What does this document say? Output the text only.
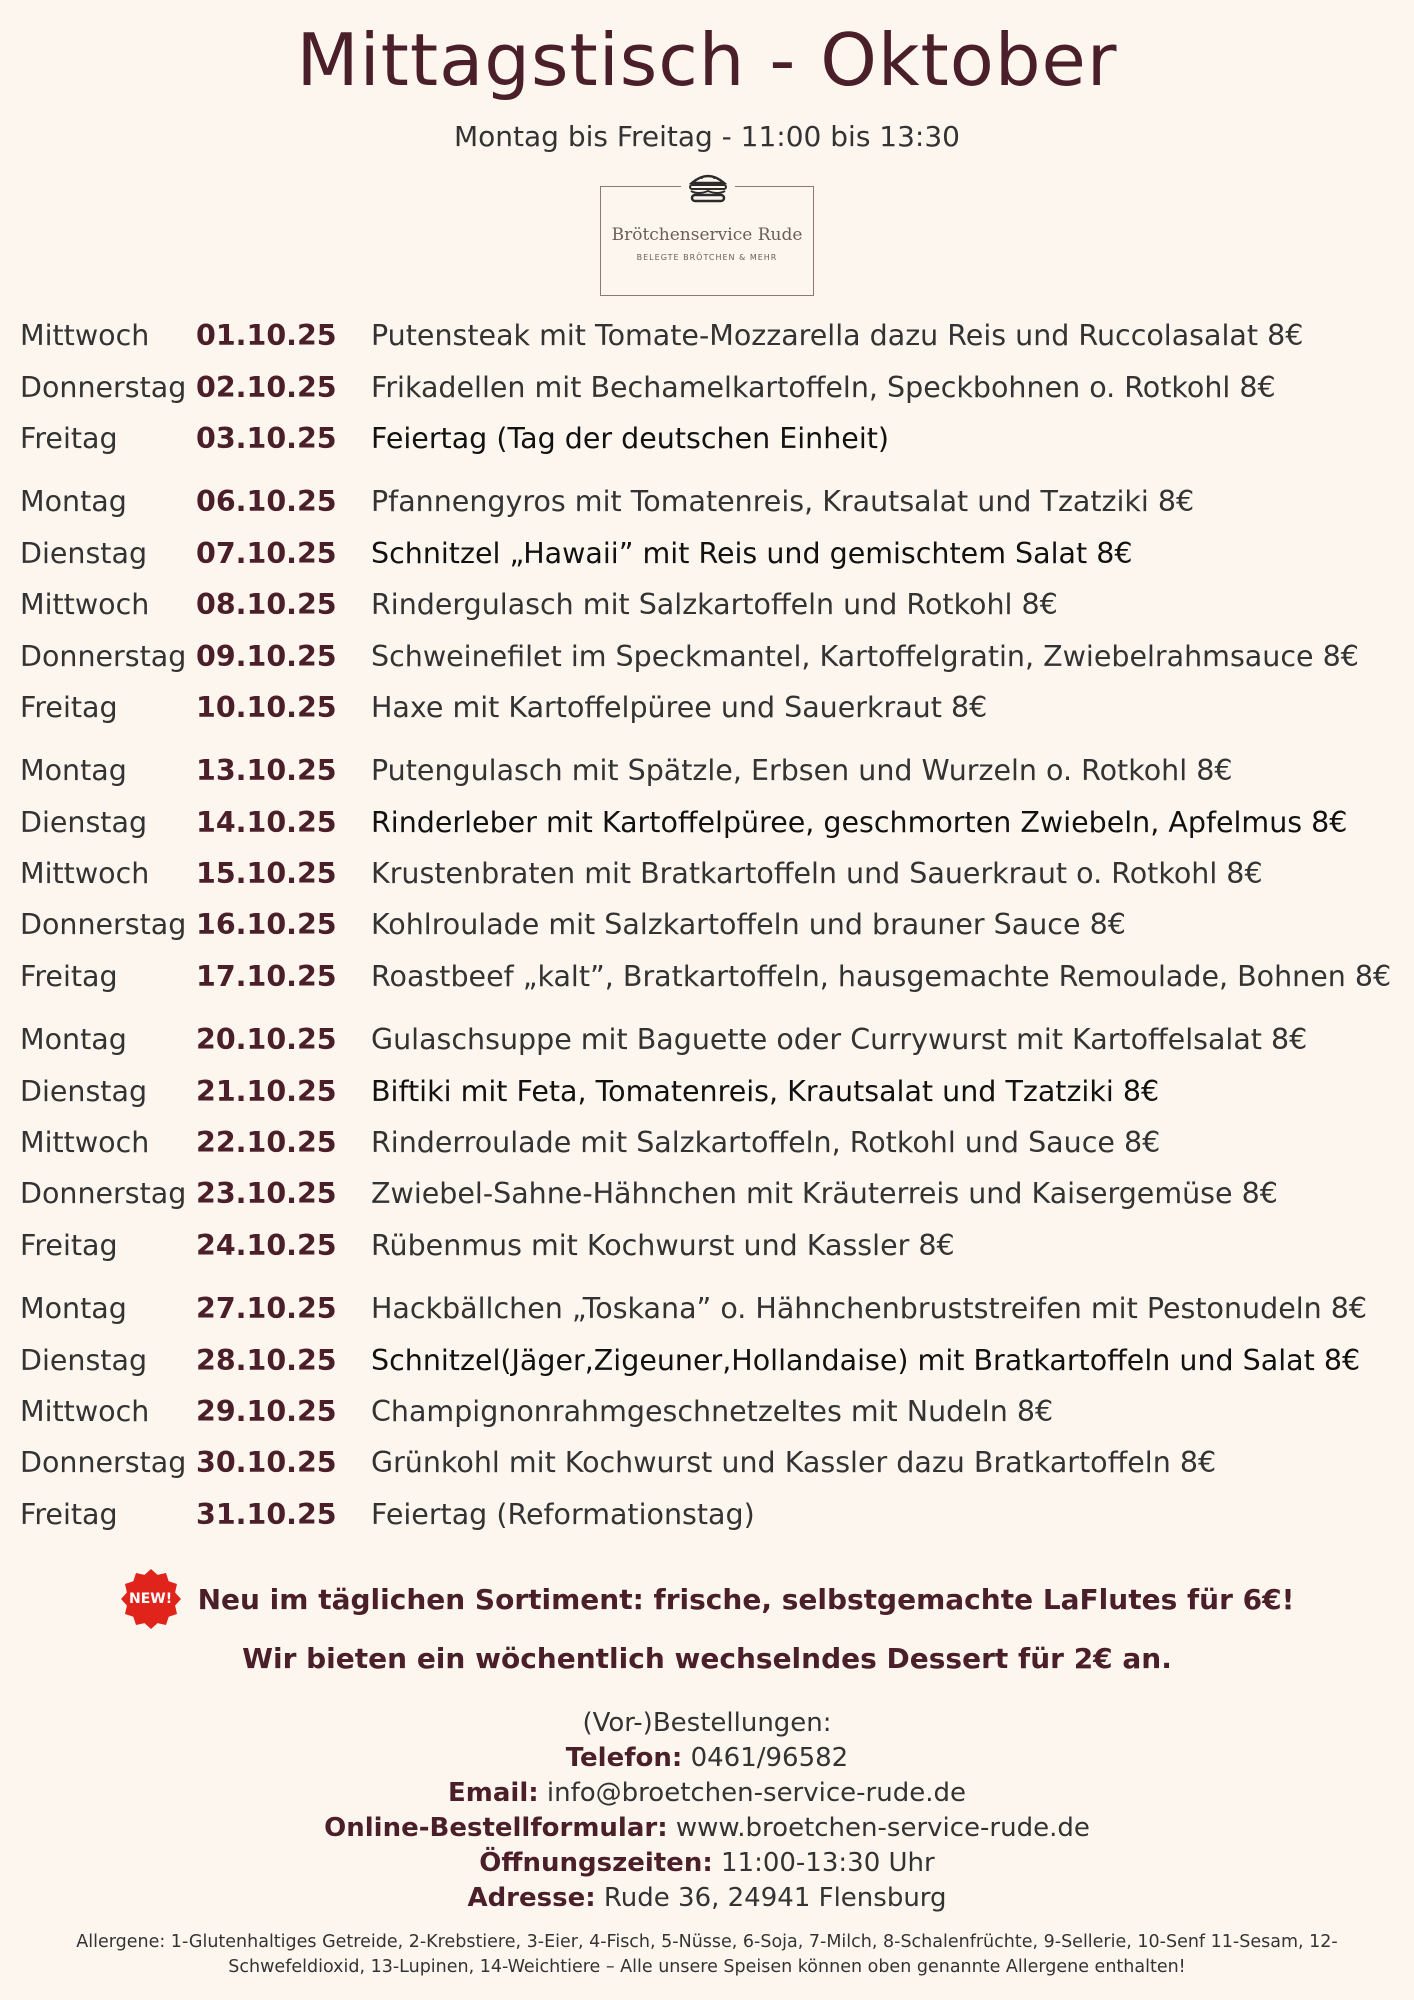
Mittagstisch - Oktober
Montag bis Freitag - 11:00 bis 13:30
Brötchenservice Rude
BELEGTE BRÖTCHEN & MEHR
Mittwoch	01.10.25	Putensteak mit Tomate-Mozzarella dazu Reis und Ruccolasalat 8€
Donnerstag 02.10.25	Frikadellen mit Bechamelkartoffeln, Speckbohnen o. Rotkohl 8€
Freitag	03.10.25	Feiertag (Tag der deutschen Einheit)
Montag	06.10.25	Pfannengyros mit Tomatenreis, Krautsalat und Tzatziki 8€
Dienstag	07.10.25	Schnitzel „Hawaii” mit Reis und gemischtem Salat 8€
Mittwoch	08.10.25	Rindergulasch mit Salzkartoffeln und Rotkohl 8€
Donnerstag 09.10.25	Schweinefilet im Speckmantel, Kartoffelgratin, Zwiebelrahmsauce 8€
Freitag	10.10.25	Haxe mit Kartoffelpüree und Sauerkraut 8€
Montag	13.10.25	Putengulasch mit Spätzle, Erbsen und Wurzeln o. Rotkohl 8€
Dienstag	14.10.25	Rinderleber mit Kartoffelpüree, geschmorten Zwiebeln, Apfelmus 8€
Mittwoch	15.10.25	Krustenbraten mit Bratkartoffeln und Sauerkraut o. Rotkohl 8€
Donnerstag 16.10.25	Kohlroulade mit Salzkartoffeln und brauner Sauce 8€
Freitag	17.10.25	Roastbeef „kalt”, Bratkartoffeln, hausgemachte Remoulade, Bohnen 8€
Montag	20.10.25	Gulaschsuppe mit Baguette oder Currywurst mit Kartoffelsalat 8€
Dienstag	21.10.25	Biftiki mit Feta, Tomatenreis, Krautsalat und Tzatziki 8€
Mittwoch	22.10.25	Rinderroulade mit Salzkartoffeln, Rotkohl und Sauce 8€
Donnerstag 23.10.25	Zwiebel-Sahne-Hähnchen mit Kräuterreis und Kaisergemüse 8€
Freitag	24.10.25	Rübenmus mit Kochwurst und Kassler 8€
Montag	27.10.25	Hackbällchen „Toskana” o. Hähnchenbruststreifen mit Pestonudeln 8€
Dienstag	28.10.25	Schnitzel(Jäger,Zigeuner,Hollandaise) mit Bratkartoffeln und Salat 8€
Mittwoch	29.10.25	Champignonrahmgeschnetzeltes mit Nudeln 8€
Donnerstag 30.10.25	Grünkohl mit Kochwurst und Kassler dazu Bratkartoffeln 8€
Freitag	31.10.25	Feiertag (Reformationstag)
NEW! Neu im täglichen Sortiment: frische, selbstgemachte LaFlutes für 6€!
Wir bieten ein wöchentlich wechselndes Dessert für 2€ an.
(Vor-)Bestellungen:
Telefon: 0461/96582
Email: info@broetchen-service-rude.de
Online-Bestellformular: www.broetchen-service-rude.de
Öffnungszeiten: 11:00-13:30 Uhr
Adresse: Rude 36, 24941 Flensburg
Allergene: 1-Glutenhaltiges Getreide, 2-Krebstiere, 3-Eier, 4-Fisch, 5-Nüsse, 6-Soja, 7-Milch, 8-Schalenfrüchte, 9-Sellerie, 10-Senf 11-Sesam, 12-
Schwefeldioxid, 13-Lupinen, 14-Weichtiere – Alle unsere Speisen können oben genannte Allergene enthalten!
